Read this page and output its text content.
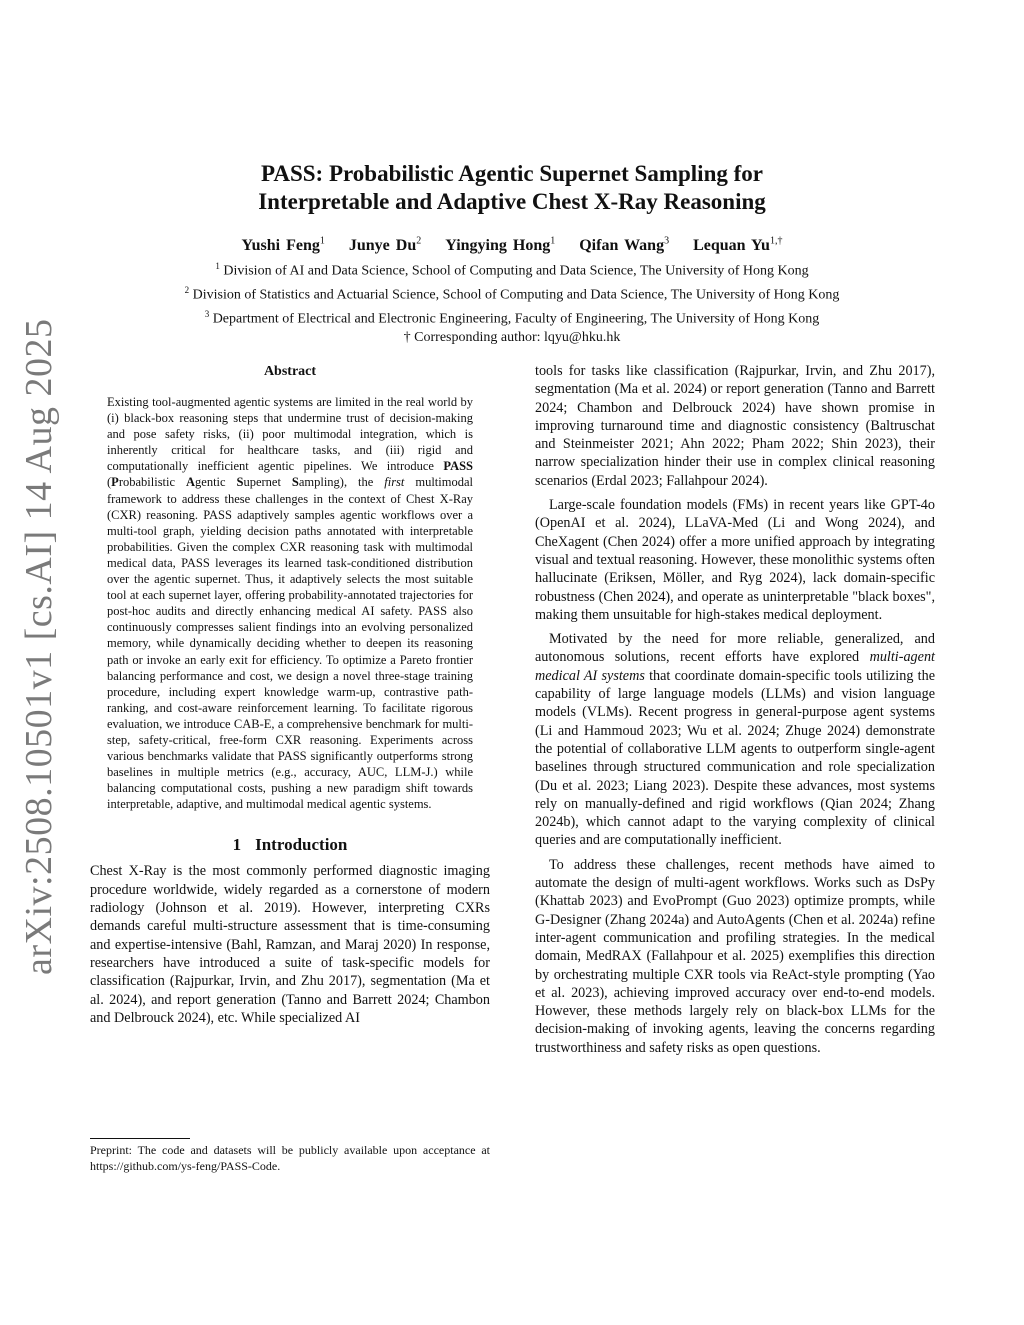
arXiv:2508.10501v1 [cs.AI] 14 Aug 2025
PASS: Probabilistic Agentic Supernet Sampling for
Interpretable and Adaptive Chest X-Ray Reasoning
Yushi Feng$^1$ Junye Du$^2$ Yingying Hong$^1$ Qifan Wang$^3$ Lequan $Yu^{1,\dagger}$
$^1$ Division of AI and Data Science, School of Computing and Data Science, The University of Hong Kong
$^2$ Division of Statistics and Actuarial Science, School of Computing and Data Science, The University of Hong Kong
$^3$ Department of Electrical and Electronic Engineering, Faculty of Engineering, The University of Hong Kong
† Corresponding author: lqyu@hku.hk
Abstract

Existing tool-augmented agentic systems are limited in the real world by (i) black-box reasoning steps that undermine trust of decision-making and pose safety risks, (ii) poor multimodal integration, which is inherently critical for healthcare tasks, and (iii) rigid and computationally inefficient agentic pipelines. We introduce PASS (Probabilistic Agentic Supernet Sampling), the first multimodal framework to address these challenges in the context of Chest X-Ray (CXR) reasoning. PASS adaptively samples agentic workflows over a multi-tool graph, yielding decision paths annotated with interpretable probabilities. Given the complex CXR reasoning task with multimodal medical data, PASS leverages its learned task-conditioned distribution over the agentic supernet. Thus, it adaptively selects the most suitable tool at each supernet layer, offering probability-annotated trajectories for post-hoc audits and directly enhancing medical AI safety. PASS also continuously compresses salient findings into an evolving personalized memory, while dynamically deciding whether to deepen its reasoning path or invoke an early exit for efficiency. To optimize a Pareto frontier balancing performance and cost, we design a novel three-stage training procedure, including expert knowledge warm-up, contrastive path-ranking, and cost-aware reinforcement learning. To facilitate rigorous evaluation, we introduce CAB-E, a comprehensive benchmark for multi-step, safety-critical, free-form CXR reasoning. Experiments across various benchmarks validate that PASS significantly outperforms strong baselines in multiple metrics (e.g., accuracy, AUC, LLM-J.) while balancing computational costs, pushing a new paradigm shift towards interpretable, adaptive, and multimodal medical agentic systems.

1 Introduction

Chest X-Ray is the most commonly performed diagnostic imaging procedure worldwide, widely regarded as a cornerstone of modern radiology (Johnson et al. 2019). However, interpreting CXRs demands careful multi-structure assessment that is time-consuming and expertise-intensive (Bahl, Ramzan, and Maraj 2020) In response, researchers have introduced a suite of task-specific models for classification (Rajpurkar, Irvin, and Zhu 2017), segmentation (Ma et al. 2024), and report generation (Tanno and Barrett 2024; Chambon and Delbrouck 2024), etc. While specialized AI

Preprint: The code and datasets will be publicly available upon acceptance at https://github.com/ys-feng/PASS-Code.

tools for tasks like classification (Rajpurkar, Irvin, and Zhu 2017), segmentation (Ma et al. 2024) or report generation (Tanno and Barrett 2024; Chambon and Delbrouck 2024) have shown promise in improving turnaround time and diagnostic consistency (Baltruschat and Steinmeister 2021; Ahn 2022; Pham 2022; Shin 2023), their narrow specialization hinder their use in complex clinical reasoning scenarios (Erdal 2023; Fallahpour 2024).

Large-scale foundation models (FMs) in recent years like GPT-4o (OpenAI et al. 2024), LLaVA-Med (Li and Wong 2024), and CheXagent (Chen 2024) offer a more unified approach by integrating visual and textual reasoning. However, these monolithic systems often hallucinate (Eriksen, Möller, and Ryg 2024), lack domain-specific robustness (Chen 2024), and operate as uninterpretable "black boxes", making them unsuitable for high-stakes medical deployment.

Motivated by the need for more reliable, generalized, and autonomous solutions, recent efforts have explored multi-agent medical AI systems that coordinate domain-specific tools utilizing the capability of large language models (LLMs) and vision language models (VLMs). Recent progress in general-purpose agent systems (Li and Hammoud 2023; Wu et al. 2024; Zhuge 2024) demonstrate the potential of collaborative LLM agents to outperform single-agent baselines through structured communication and role specialization (Du et al. 2023; Liang 2023). Despite these advances, most systems rely on manually-defined and rigid workflows (Qian 2024; Zhang 2024b), which cannot adapt to the varying complexity of clinical queries and are computationally inefficient.

To address these challenges, recent methods have aimed to automate the design of multi-agent workflows. Works such as DsPy (Khattab 2023) and EvoPrompt (Guo 2023) optimize prompts, while G-Designer (Zhang 2024a) and AutoAgents (Chen et al. 2024a) refine inter-agent communication and profiling strategies. In the medical domain, MedRAX (Fallahpour et al. 2025) exemplifies this direction by orchestrating multiple CXR tools via ReAct-style prompting (Yao et al. 2023), achieving improved accuracy over end-to-end models. However, these methods largely rely on black-box LLMs for the decision-making of invoking agents, leaving the concerns regarding trustworthiness and safety risks as open questions.
